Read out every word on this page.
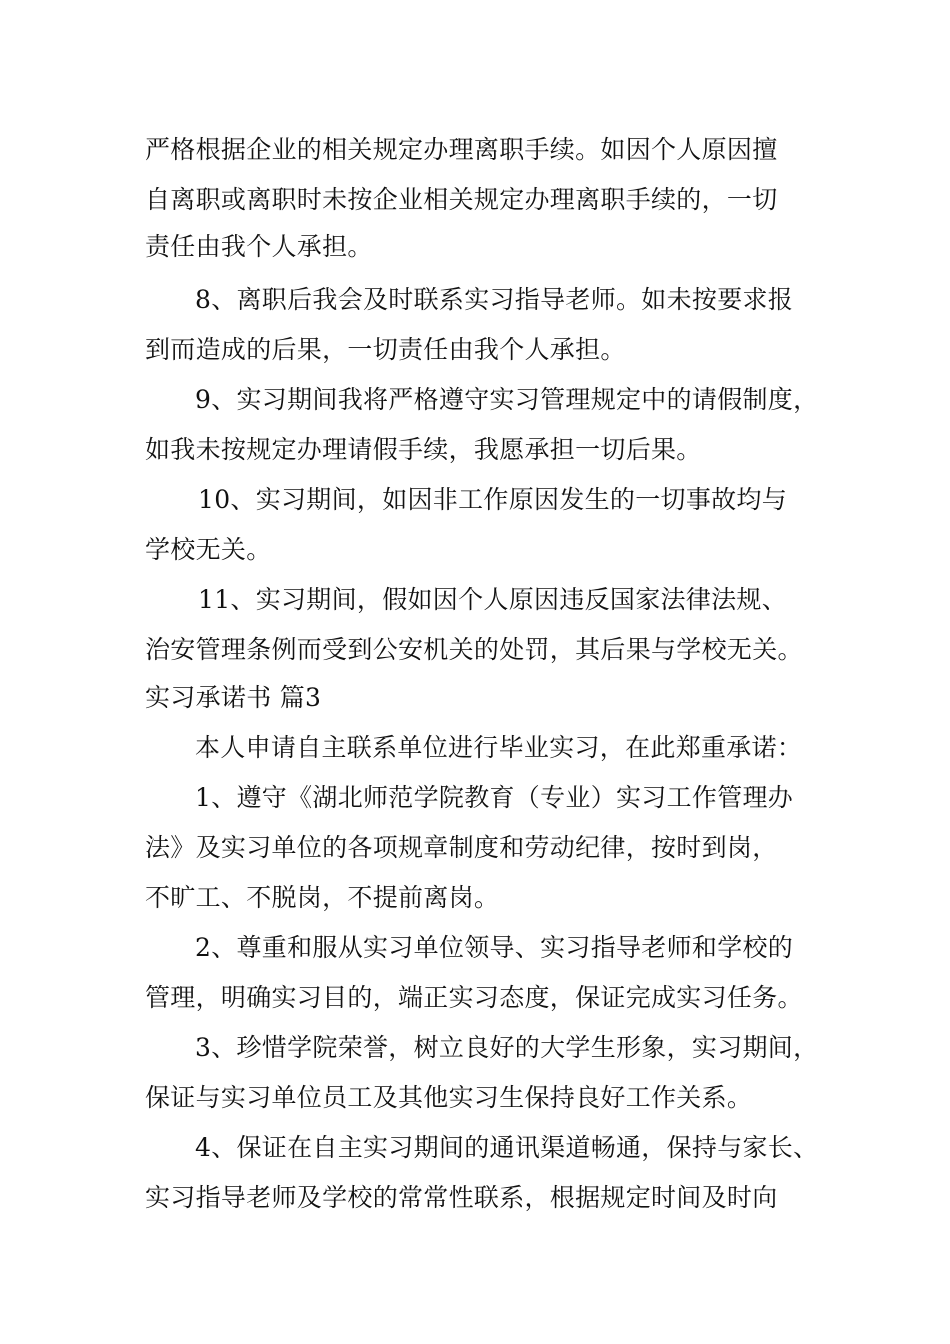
严格根据企业的相关规定办理离职手续。如因个人原因擅
自离职或离职时未按企业相关规定办理离职手续的，一切
责任由我个人承担。
8、离职后我会及时联系实习指导老师。如未按要求报
到而造成的后果，一切责任由我个人承担。
9、实习期间我将严格遵守实习管理规定中的请假制度，
如我未按规定办理请假手续，我愿承担一切后果。
10、实习期间，如因非工作原因发生的一切事故均与
学校无关。
11、实习期间，假如因个人原因违反国家法律法规、
治安管理条例而受到公安机关的处罚，其后果与学校无关。
实习承诺书 篇3
本人申请自主联系单位进行毕业实习，在此郑重承诺：
1、遵守《湖北师范学院教育（专业）实习工作管理办
法》及实习单位的各项规章制度和劳动纪律，按时到岗，
不旷工、不脱岗，不提前离岗。
2、尊重和服从实习单位领导、实习指导老师和学校的
管理，明确实习目的，端正实习态度，保证完成实习任务。
3、珍惜学院荣誉，树立良好的大学生形象，实习期间，
保证与实习单位员工及其他实习生保持良好工作关系。
4、保证在自主实习期间的通讯渠道畅通，保持与家长、
实习指导老师及学校的常常性联系，根据规定时间及时向
